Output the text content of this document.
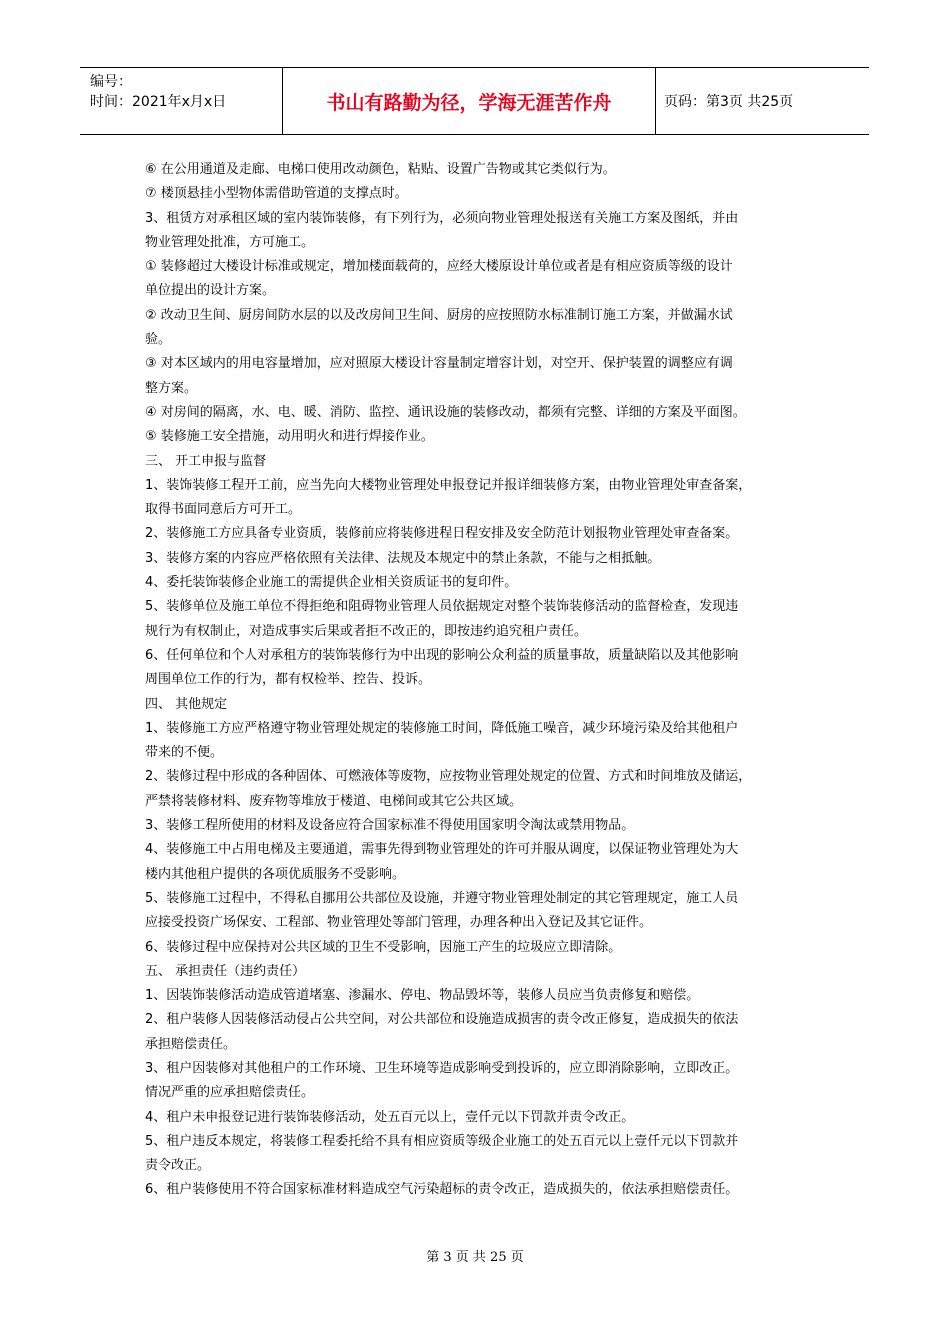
编号：
时间：2021年x月x日	书山有路勤为径，学海无涯苦作舟	页码：第3页 共25页

⑥ 在公用通道及走廊、电梯口使用改动颜色，粘贴、设置广告物或其它类似行为。

⑦ 楼顶悬挂小型物体需借助管道的支撑点时。

3、租赁方对承租区域的室内装饰装修，有下列行为，必须向物业管理处报送有关施工方案及图纸，并由

物业管理处批准，方可施工。

① 装修超过大楼设计标准或规定，增加楼面载荷的，应经大楼原设计单位或者是有相应资质等级的设计

单位提出的设计方案。

② 改动卫生间、厨房间防水层的以及改房间卫生间、厨房的应按照防水标准制订施工方案，并做漏水试

验。

③ 对本区域内的用电容量增加，应对照原大楼设计容量制定增容计划，对空开、保护装置的调整应有调

整方案。

④ 对房间的隔离，水、电、暖、消防、监控、通讯设施的装修改动，都须有完整、详细的方案及平面图。

⑤ 装修施工安全措施，动用明火和进行焊接作业。

三、 开工申报与监督

1、装饰装修工程开工前，应当先向大楼物业管理处申报登记并报详细装修方案，由物业管理处审查备案，

取得书面同意后方可开工。

2、装修施工方应具备专业资质，装修前应将装修进程日程安排及安全防范计划报物业管理处审查备案。

3、装修方案的内容应严格依照有关法律、法规及本规定中的禁止条款，不能与之相抵触。

4、委托装饰装修企业施工的需提供企业相关资质证书的复印件。

5、装修单位及施工单位不得拒绝和阻碍物业管理人员依据规定对整个装饰装修活动的监督检查，发现违

规行为有权制止，对造成事实后果或者拒不改正的，即按违约追究租户责任。

6、任何单位和个人对承租方的装饰装修行为中出现的影响公众利益的质量事故，质量缺陷以及其他影响

周围单位工作的行为，都有权检举、控告、投诉。

四、 其他规定

1、装修施工方应严格遵守物业管理处规定的装修施工时间，降低施工噪音，减少环境污染及给其他租户

带来的不便。

2、装修过程中形成的各种固体、可燃液体等废物，应按物业管理处规定的位置、方式和时间堆放及储运，

严禁将装修材料、废弃物等堆放于楼道、电梯间或其它公共区域。

3、装修工程所使用的材料及设备应符合国家标准不得使用国家明令淘汰或禁用物品。

4、装修施工中占用电梯及主要通道，需事先得到物业管理处的许可并服从调度，以保证物业管理处为大

楼内其他租户提供的各项优质服务不受影响。

5、装修施工过程中，不得私自挪用公共部位及设施，并遵守物业管理处制定的其它管理规定，施工人员

应接受投资广场保安、工程部、物业管理处等部门管理，办理各种出入登记及其它证件。

6、装修过程中应保持对公共区域的卫生不受影响，因施工产生的垃圾应立即清除。

五、 承担责任（违约责任）

1、因装饰装修活动造成管道堵塞、渗漏水、停电、物品毁坏等，装修人员应当负责修复和赔偿。

2、租户装修人因装修活动侵占公共空间，对公共部位和设施造成损害的责令改正修复，造成损失的依法

承担赔偿责任。

3、租户因装修对其他租户的工作环境、卫生环境等造成影响受到投诉的，应立即消除影响，立即改正。

情况严重的应承担赔偿责任。

4、租户未申报登记进行装饰装修活动，处五百元以上，壹仟元以下罚款并责令改正。

5、租户违反本规定，将装修工程委托给不具有相应资质等级企业施工的处五百元以上壹仟元以下罚款并

责令改正。

6、租户装修使用不符合国家标准材料造成空气污染超标的责令改正，造成损失的，依法承担赔偿责任。

第 3 页 共 25 页
